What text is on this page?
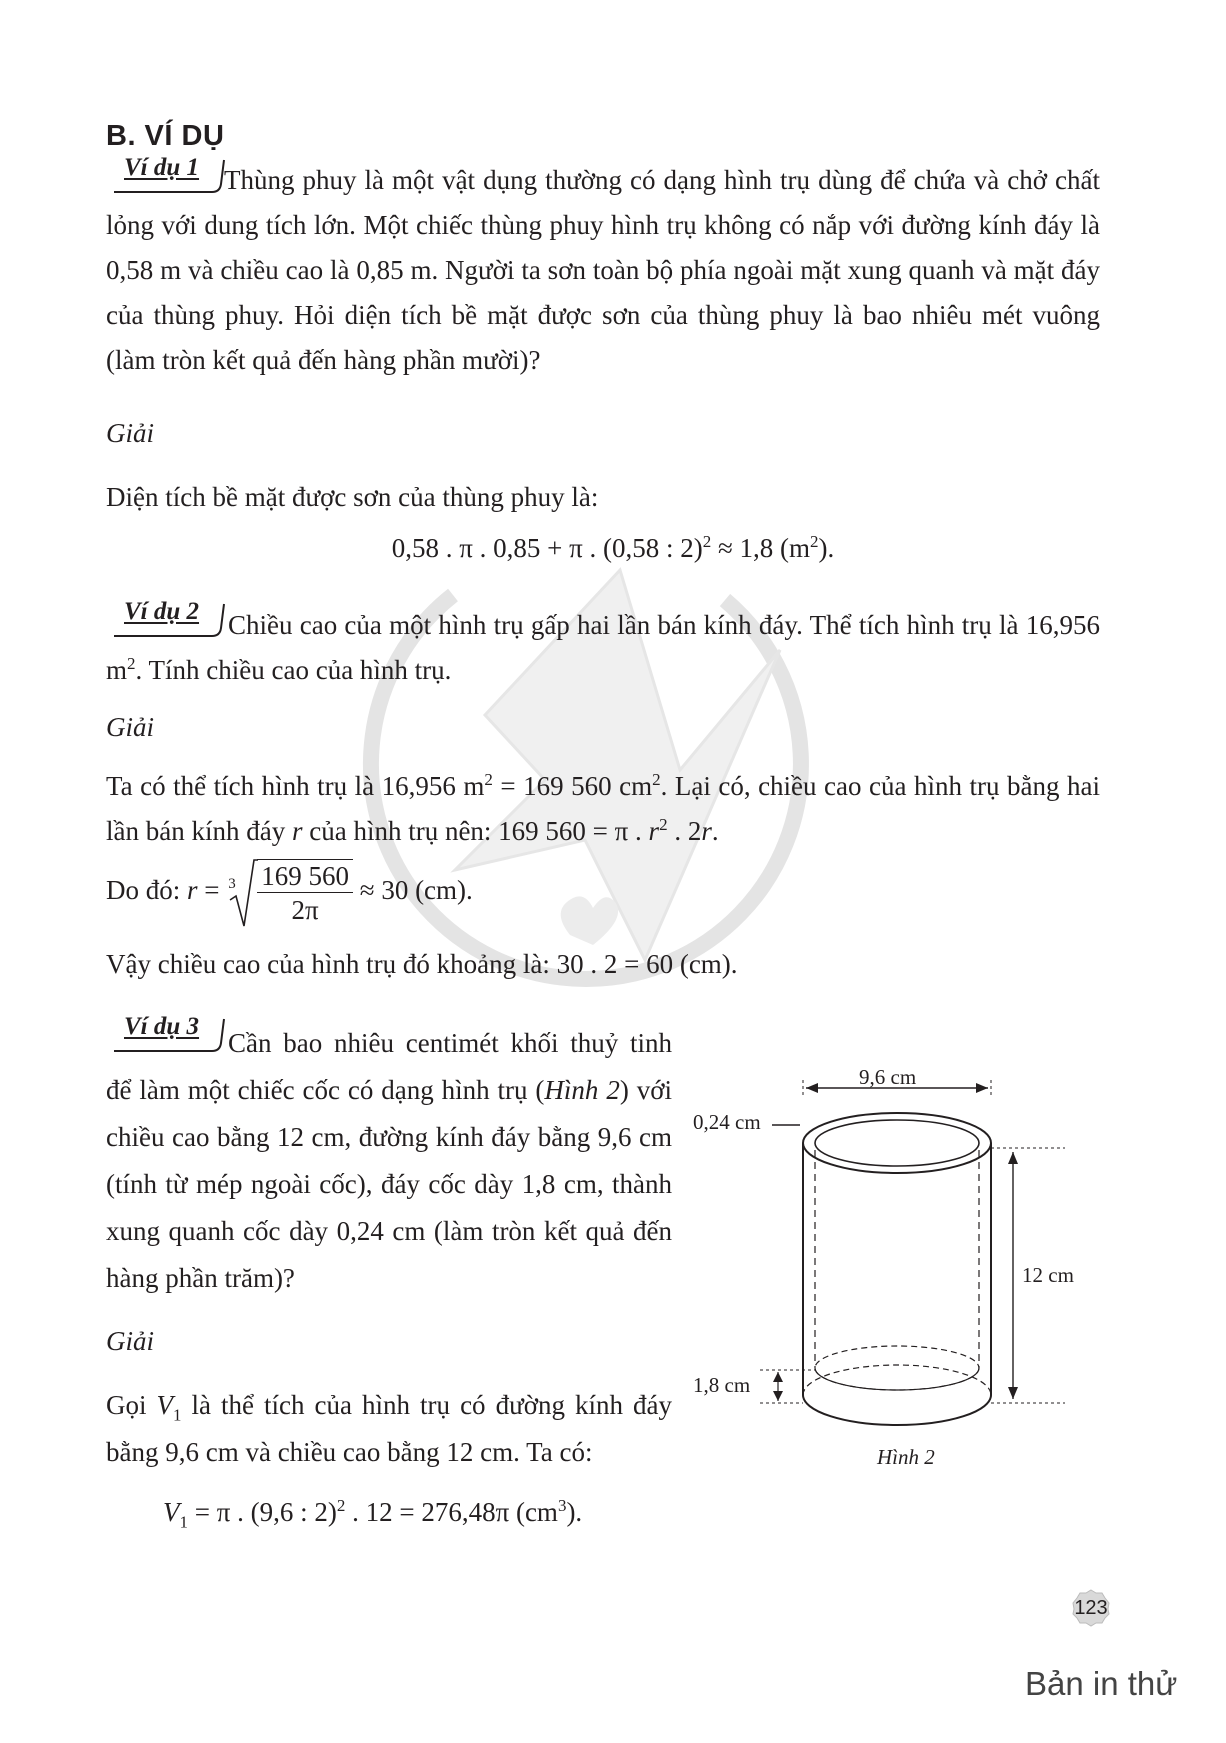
B. VÍ DỤ
Ví dụ 1 Thùng phuy là một vật dụng thường có dạng hình trụ dùng để chứa và chở chất lỏng với dung tích lớn. Một chiếc thùng phuy hình trụ không có nắp với đường kính đáy là 0,58 m và chiều cao là 0,85 m. Người ta sơn toàn bộ phía ngoài mặt xung quanh và mặt đáy của thùng phuy. Hỏi diện tích bề mặt được sơn của thùng phuy là bao nhiêu mét vuông (làm tròn kết quả đến hàng phần mười)?
Giải
Diện tích bề mặt được sơn của thùng phuy là:
0,58 . π . 0,85 + π . (0,58 : 2)$^2$ ≈ 1,8 $(m^2)$.
Ví dụ 2	Chiều cao của một hình trụ gấp hai lần bán kính đáy. Thể tích hình trụ là 16,956 $m^2$. Tính chiều cao của hình trụ.
Giải
Ta có thể tích hình trụ là 16,956 $m^2 = 169$ 560 $cm^2$. Lại có, chiều cao của hình trụ bằng hai lần bán kính đáy r của hình trụ nên: 169 560 = π . $r^2$ . 2r.
Do đó: $r = 3 \frac{169 560}{2\pi} \approx 30$ (cm).
Vậy chiều cao của hình trụ đó khoảng là: 30 . 2 = 60 (cm).
Ví dụ 3
Cần bao nhiêu centimét khối thuỷ tinh để làm một chiếc cốc có dạng hình trụ (Hình 2) với chiều cao bằng 12 cm, đường kính đáy bằng 9,6 cm (tính từ mép ngoài cốc), đáy cốc dày 1,8 cm, thành xung quanh cốc dày 0,24 cm (làm tròn kết quả đến hàng phần trăm)?
Giải
Gọi $V_1$ là thể tích của hình trụ có đường kính đáy bằng 9,6 cm và chiều cao bằng 12 cm. Ta có:
$V_1 = \pi$ . (9,6 : 2)$^2$ . 12 = 276,48π $(cm^3)$.
9,6 cm
0,24 cm
12 cm
1,8 cm
Hình 2
123
Bản in thử
